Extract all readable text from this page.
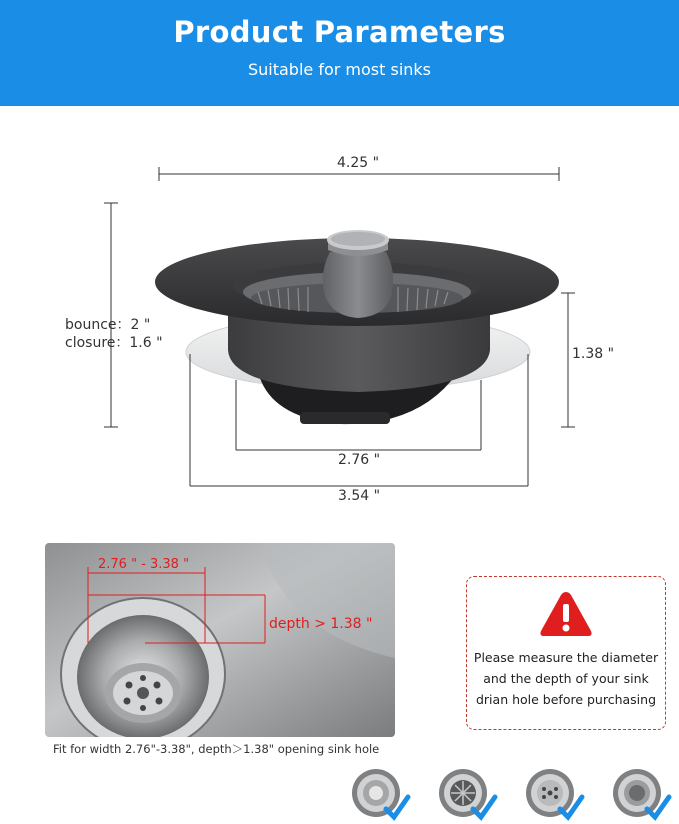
Product Parameters
Suitable for most sinks
4.25 "
bounce：2 "
closure：1.6 "
1.38 "
2.76 "
3.54 "
2.76 " - 3.38 "
depth > 1.38 "
Fit for width 2.76"-3.38", depth＞1.38" opening sink hole
Please measure the diameter
and the depth of your sink
drian hole before purchasing
